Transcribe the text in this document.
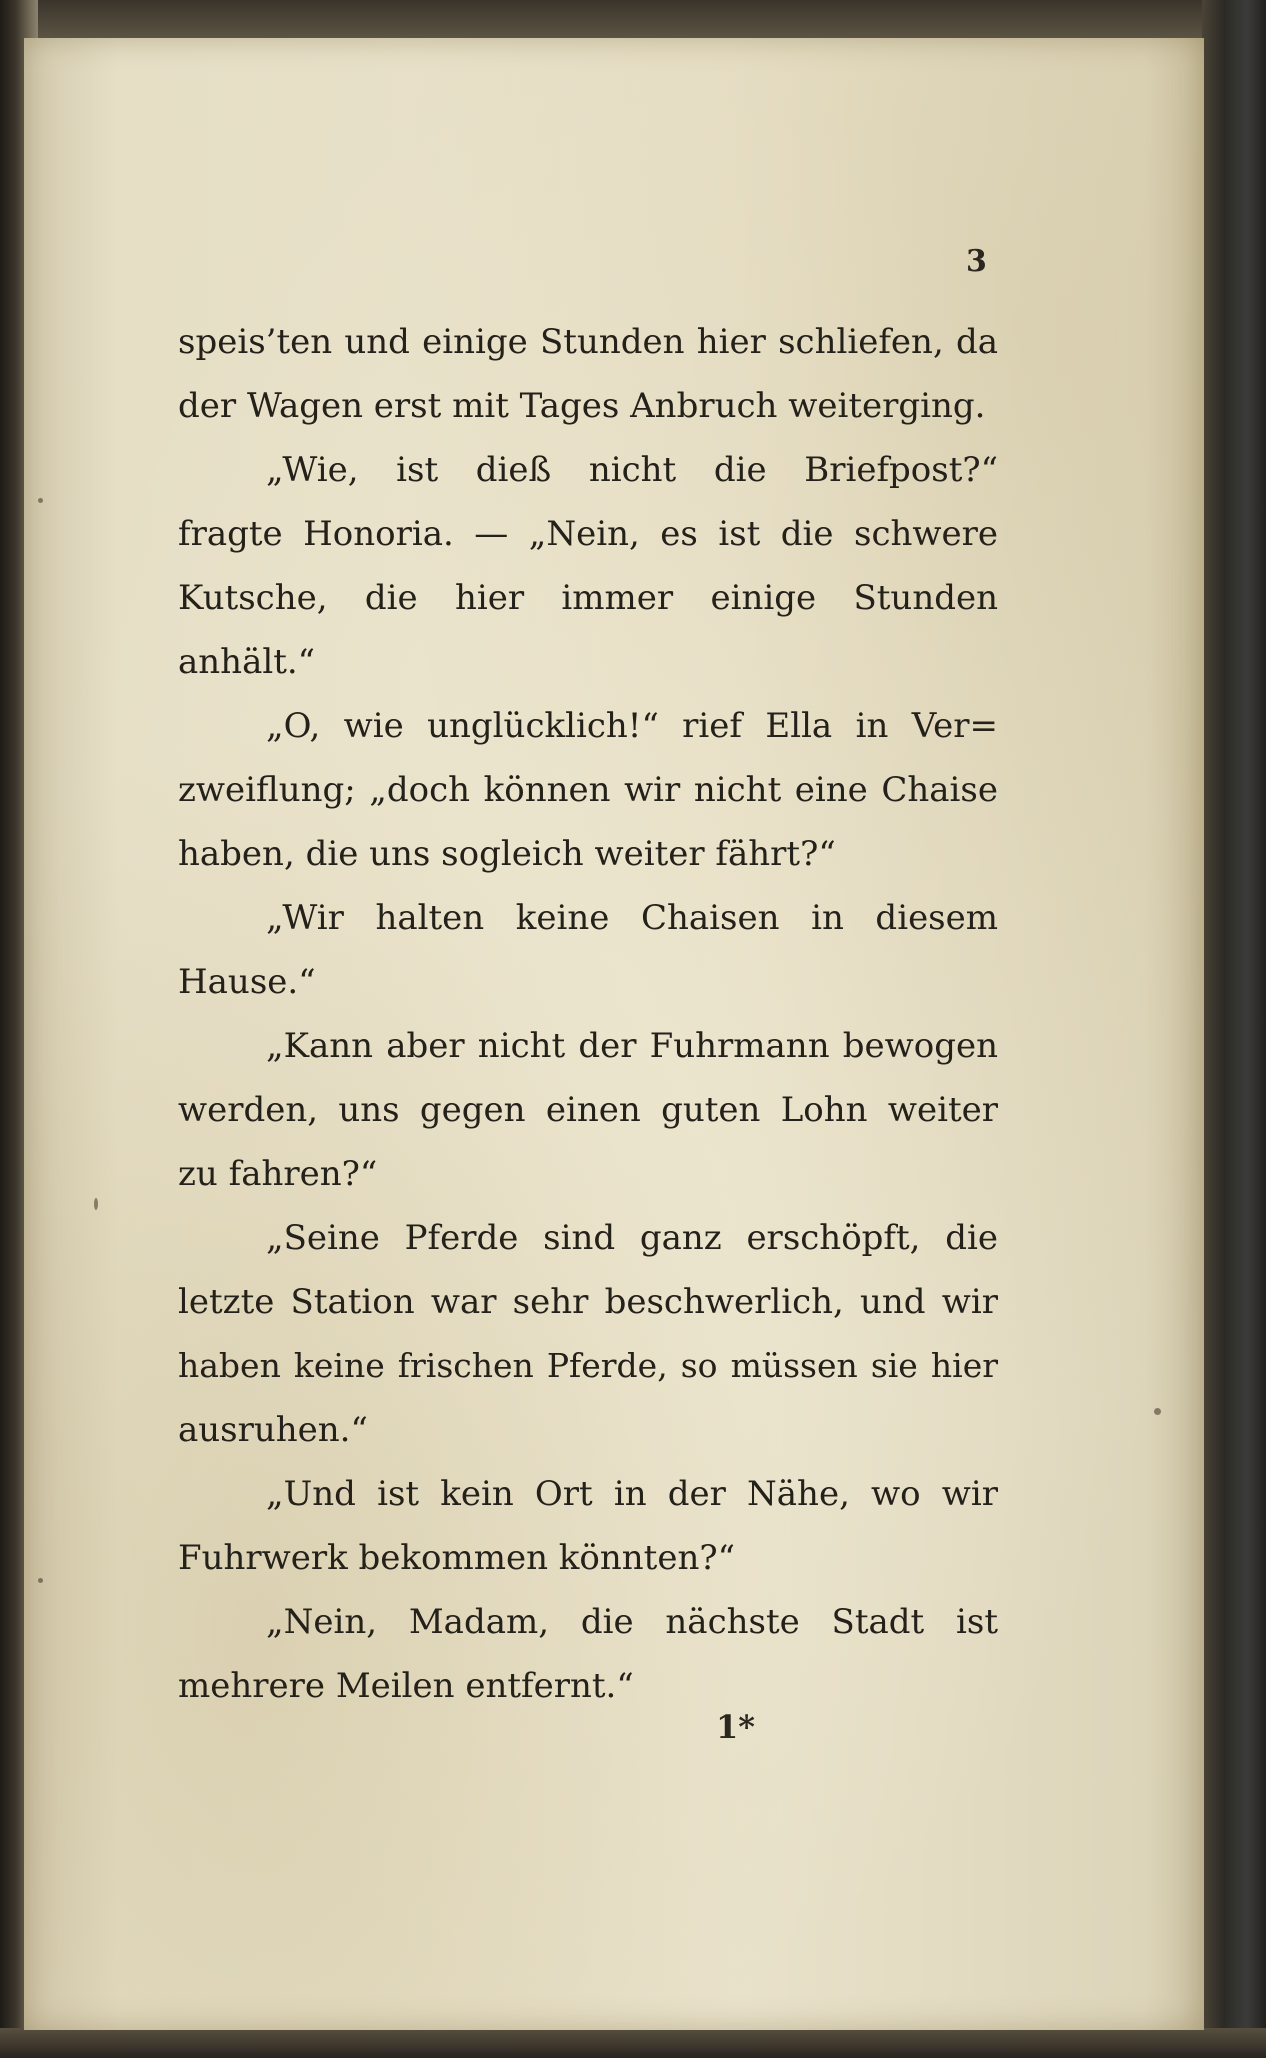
3
speis’ten und einige Stunden hier schliefen, da
der Wagen erst mit Tages Anbruch weiterging.
„Wie, ist dieß nicht die Briefpost?“
fragte Honoria. — „Nein, es ist die schwere
Kutsche, die hier immer einige Stunden
anhält.“
„O, wie unglücklich!“ rief Ella in Ver=
zweiflung; „doch können wir nicht eine Chaise
haben, die uns sogleich weiter fährt?“
„Wir halten keine Chaisen in diesem
Hause.“
„Kann aber nicht der Fuhrmann bewogen
werden, uns gegen einen guten Lohn weiter
zu fahren?“
„Seine Pferde sind ganz erschöpft, die
letzte Station war sehr beschwerlich, und wir
haben keine frischen Pferde, so müssen sie hier
ausruhen.“
„Und ist kein Ort in der Nähe, wo wir
Fuhrwerk bekommen könnten?“
„Nein, Madam, die nächste Stadt ist
mehrere Meilen entfernt.“
1*
